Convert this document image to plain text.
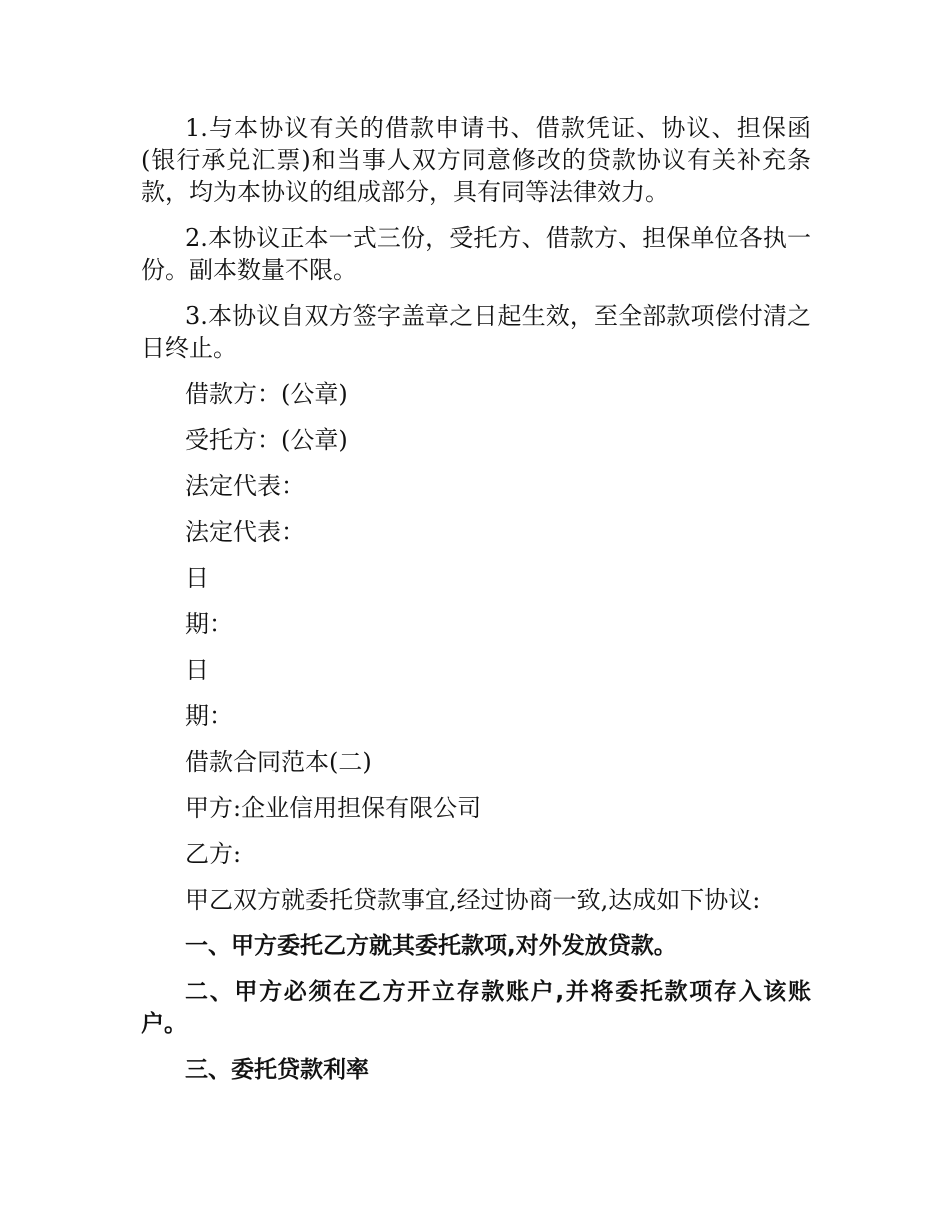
1.与本协议有关的借款申请书、借款凭证、协议、担保函(银行承兑汇票)和当事人双方同意修改的贷款协议有关补充条款，均为本协议的组成部分，具有同等法律效力。

2.本协议正本一式三份，受托方、借款方、担保单位各执一份。副本数量不限。

3.本协议自双方签字盖章之日起生效，至全部款项偿付清之日终止。

借款方：(公章)

受托方：(公章)

法定代表：

法定代表：

日

期：

日

期：

借款合同范本(二)

甲方:企业信用担保有限公司

乙方:

甲乙双方就委托贷款事宜,经过协商一致,达成如下协议:

一、甲方委托乙方就其委托款项,对外发放贷款。

二、甲方必须在乙方开立存款账户,并将委托款项存入该账户。

三、委托贷款利率
